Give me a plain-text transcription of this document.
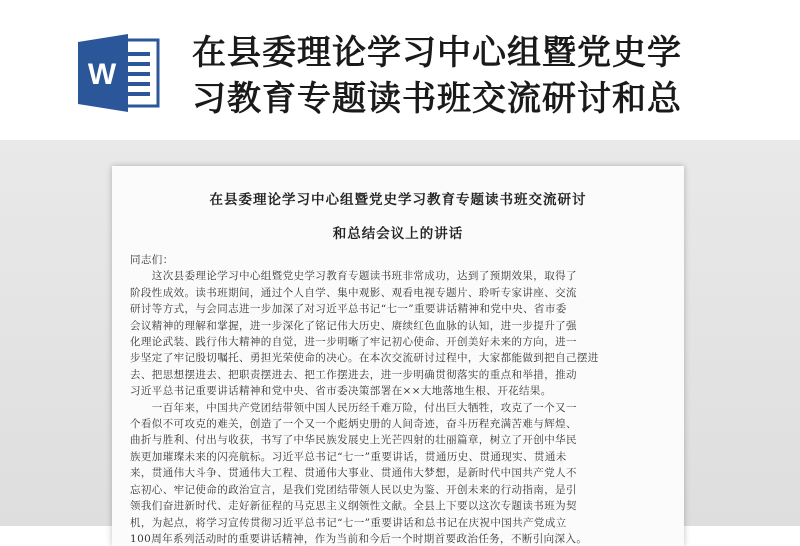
W
在县委理论学习中心组暨党史学
习教育专题读书班交流研讨和总
在县委理论学习中心组暨党史学习教育专题读书班交流研讨
和总结会议上的讲话
同志们：
　　这次县委理论学习中心组暨党史学习教育专题读书班非常成功，达到了预期效果，取得了
阶段性成效。读书班期间，通过个人自学、集中观影、观看电视专题片、聆听专家讲座、交流
研讨等方式，与会同志进一步加深了对习近平总书记“七一”重要讲话精神和党中央、省市委
会议精神的理解和掌握，进一步深化了铭记伟大历史、赓续红色血脉的认知，进一步提升了强
化理论武装、践行伟大精神的自觉，进一步明晰了牢记初心使命、开创美好未来的方向，进一
步坚定了牢记殷切嘱托、勇担光荣使命的决心。在本次交流研讨过程中，大家都能做到把自己摆进
去、把思想摆进去、把职责摆进去、把工作摆进去，进一步明确贯彻落实的重点和举措，推动
习近平总书记重要讲话精神和党中央、省市委决策部署在××大地落地生根、开花结果。
　　一百年来，中国共产党团结带领中国人民历经千难万险，付出巨大牺牲，攻克了一个又一
个看似不可攻克的难关，创造了一个又一个彪炳史册的人间奇迹，奋斗历程充满苦难与辉煌、
曲折与胜利、付出与收获，书写了中华民族发展史上光芒四射的壮丽篇章，树立了开创中华民
族更加璀璨未来的闪亮航标。习近平总书记“七一”重要讲话，贯通历史、贯通现实、贯通未
来，贯通伟大斗争、贯通伟大工程、贯通伟大事业、贯通伟大梦想，是新时代中国共产党人不
忘初心、牢记使命的政治宣言，是我们党团结带领人民以史为鉴、开创未来的行动指南，是引
领我们奋进新时代、走好新征程的马克思主义纲领性文献。全县上下要以这次专题读书班为契
机，为起点，将学习宣传贯彻习近平总书记“七一”重要讲话和总书记在庆祝中国共产党成立
100周年系列活动时的重要讲话精神，作为当前和今后一个时期首要政治任务，不断引向深入。
